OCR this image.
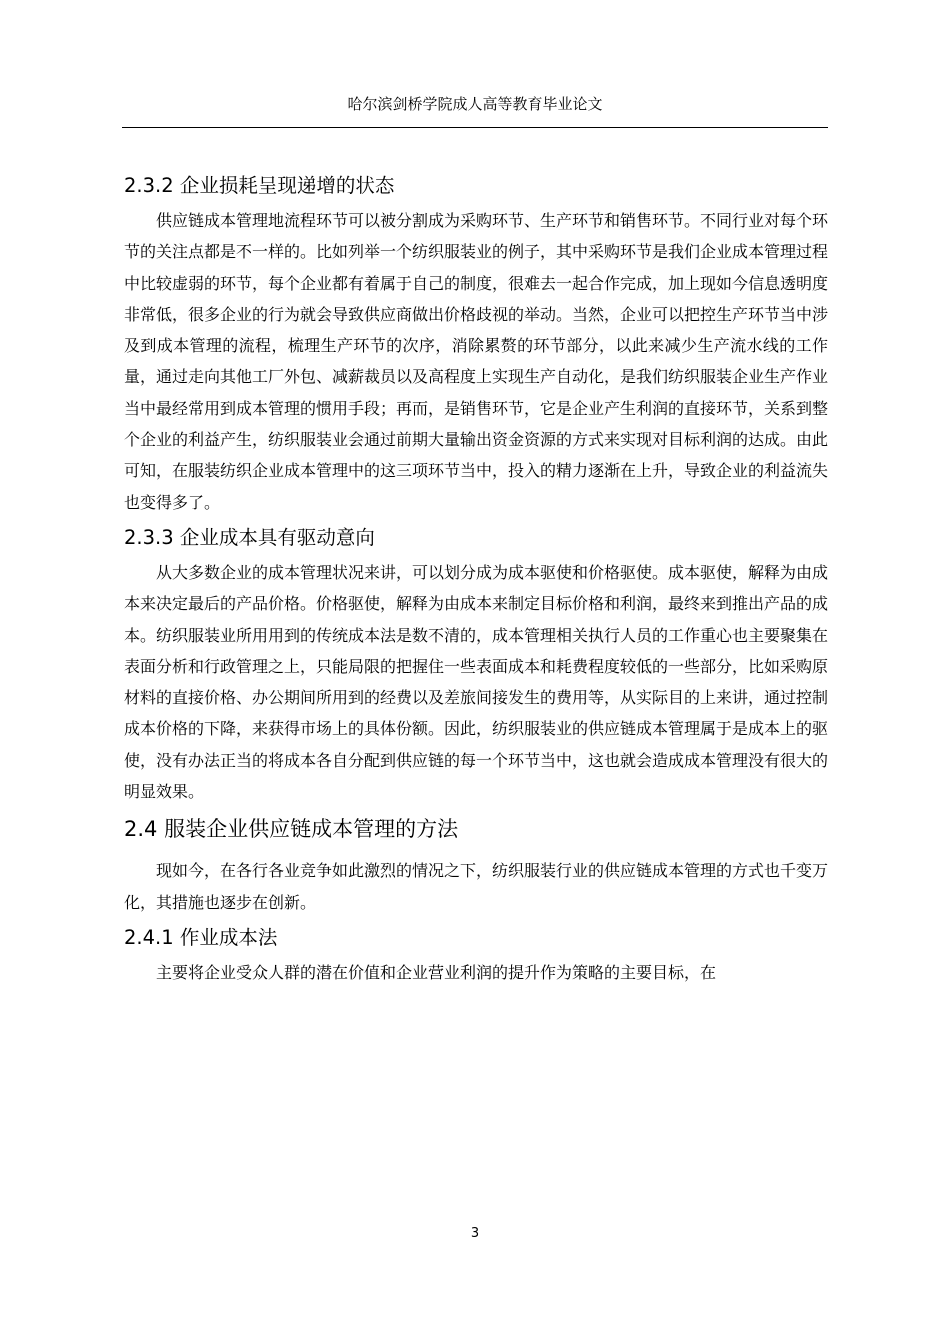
哈尔滨剑桥学院成人高等教育毕业论文
2.3.2 企业损耗呈现递增的状态

供应链成本管理地流程环节可以被分割成为采购环节、生产环节和销售环节。不同行业对每个环节的关注点都是不一样的。比如列举一个纺织服装业的例子，其中采购环节是我们企业成本管理过程中比较虚弱的环节，每个企业都有着属于自己的制度，很难去一起合作完成，加上现如今信息透明度非常低，很多企业的行为就会导致供应商做出价格歧视的举动。当然，企业可以把控生产环节当中涉及到成本管理的流程，梳理生产环节的次序，消除累赘的环节部分，以此来减少生产流水线的工作量，通过走向其他工厂外包、减薪裁员以及高程度上实现生产自动化，是我们纺织服装企业生产作业当中最经常用到成本管理的惯用手段；再而，是销售环节，它是企业产生利润的直接环节，关系到整个企业的利益产生，纺织服装业会通过前期大量输出资金资源的方式来实现对目标利润的达成。由此可知，在服装纺织企业成本管理中的这三项环节当中，投入的精力逐渐在上升，导致企业的利益流失也变得多了。

2.3.3 企业成本具有驱动意向

从大多数企业的成本管理状况来讲，可以划分成为成本驱使和价格驱使。成本驱使，解释为由成本来决定最后的产品价格。价格驱使，解释为由成本来制定目标价格和利润，最终来到推出产品的成本。纺织服装业所用用到的传统成本法是数不清的，成本管理相关执行人员的工作重心也主要聚集在表面分析和行政管理之上，只能局限的把握住一些表面成本和耗费程度较低的一些部分，比如采购原材料的直接价格、办公期间所用到的经费以及差旅间接发生的费用等，从实际目的上来讲，通过控制成本价格的下降，来获得市场上的具体份额。因此，纺织服装业的供应链成本管理属于是成本上的驱使，没有办法正当的将成本各自分配到供应链的每一个环节当中，这也就会造成成本管理没有很大的明显效果。

2.4 服装企业供应链成本管理的方法

现如今，在各行各业竞争如此激烈的情况之下，纺织服装行业的供应链成本管理的方式也千变万化，其措施也逐步在创新。

2.4.1 作业成本法

主要将企业受众人群的潜在价值和企业营业利润的提升作为策略的主要目标，在

3
